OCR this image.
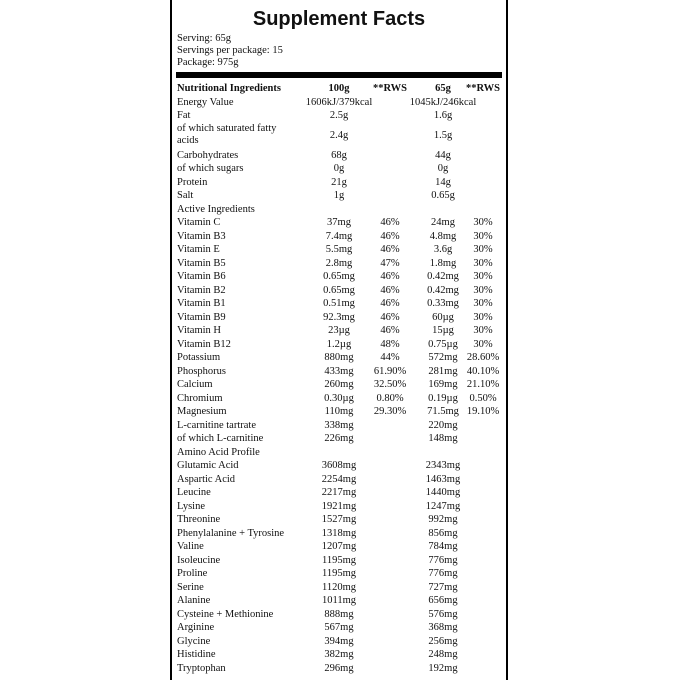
Supplement Facts
Serving: 65g
Servings per package: 15
Package: 975g
Nutritional Ingredients	100g	**RWS	65g	**RWS
Energy Value	1606kJ/379kcal	1045kJ/246kcal
Fat	2.5g	1.6g
of which saturated fatty acids	2.4g	1.5g
Carbohydrates	68g	44g
of which sugars	0g	0g
Protein	21g	14g
Salt	1g	0.65g
Active Ingredients
Vitamin C	37mg	46%	24mg	30%
Vitamin B3	7.4mg	46%	4.8mg	30%
Vitamin E	5.5mg	46%	3.6g	30%
Vitamin B5	2.8mg	47%	1.8mg	30%
Vitamin B6	0.65mg	46%	0.42mg	30%
Vitamin B2	0.65mg	46%	0.42mg	30%
Vitamin B1	0.51mg	46%	0.33mg	30%
Vitamin B9	92.3mg	46%	60µg	30%
Vitamin H	23µg	46%	15µg	30%
Vitamin B12	1.2µg	48%	0.75µg	30%
Potassium	880mg	44%	572mg 28.60%
Phosphorus	433mg	61.90%	281mg 40.10%
Calcium	260mg	32.50%	169mg 21.10%
Chromium	0.30µg	0.80%	0.19µg	0.50%
Magnesium	110mg	29.30%	71.5mg 19.10%
L-carnitine tartrate	338mg	220mg
of which L-carnitine	226mg	148mg
Amino Acid Profile
Glutamic Acid	3608mg	2343mg
Aspartic Acid	2254mg	1463mg
Leucine	2217mg	1440mg
Lysine	1921mg	1247mg
Threonine	1527mg	992mg
Phenylalanine + Tyrosine	1318mg	856mg
Valine	1207mg	784mg
Isoleucine	1195mg	776mg
Proline	1195mg	776mg
Serine	1120mg	727mg
Alanine	1011mg	656mg
Cysteine + Methionine	888mg	576mg
Arginine	567mg	368mg
Glycine	394mg	256mg
Histidine	382mg	248mg
Tryptophan	296mg	192mg
